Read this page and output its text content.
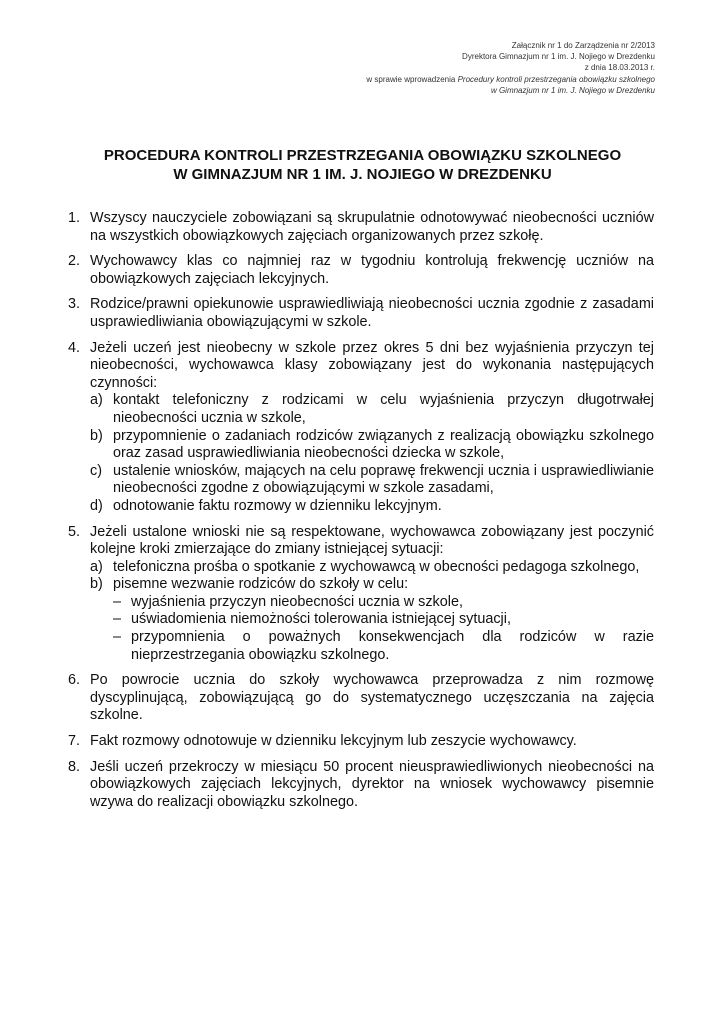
Załącznik nr 1 do Zarządzenia nr 2/2013
Dyrektora Gimnazjum nr 1 im. J. Nojiego w Drezdenku
z dnia 18.03.2013 r.
w sprawie wprowadzenia Procedury kontroli przestrzegania obowiązku szkolnego
w Gimnazjum nr 1 im. J. Nojiego w Drezdenku
PROCEDURA KONTROLI PRZESTRZEGANIA OBOWIĄZKU SZKOLNEGO
W GIMNAZJUM NR 1 IM. J. NOJIEGO W DREZDENKU
1. Wszyscy nauczyciele zobowiązani są skrupulatnie odnotowywać nieobecności uczniów na wszystkich obowiązkowych zajęciach organizowanych przez szkołę.
2. Wychowawcy klas co najmniej raz w tygodniu kontrolują frekwencję uczniów na obowiązkowych zajęciach lekcyjnych.
3. Rodzice/prawni opiekunowie usprawiedliwiają nieobecności ucznia zgodnie z zasadami usprawiedliwiania obowiązującymi w szkole.
4. Jeżeli uczeń jest nieobecny w szkole przez okres 5 dni bez wyjaśnienia przyczyn tej nieobecności, wychowawca klasy zobowiązany jest do wykonania następujących czynności:
a) kontakt telefoniczny z rodzicami w celu wyjaśnienia przyczyn długotrwałej nieobecności ucznia w szkole,
b) przypomnienie o zadaniach rodziców związanych z realizacją obowiązku szkolnego oraz zasad usprawiedliwiania nieobecności dziecka w szkole,
c) ustalenie wniosków, mających na celu poprawę frekwencji ucznia i usprawiedliwianie nieobecności zgodne z obowiązującymi w szkole zasadami,
d) odnotowanie faktu rozmowy w dzienniku lekcyjnym.
5. Jeżeli ustalone wnioski nie są respektowane, wychowawca zobowiązany jest poczynić kolejne kroki zmierzające do zmiany istniejącej sytuacji:
a) telefoniczna prośba o spotkanie z wychowawcą w obecności pedagoga szkolnego,
b) pisemne wezwanie rodziców do szkoły w celu:
– wyjaśnienia przyczyn nieobecności ucznia w szkole,
– uświadomienia niemożności tolerowania istniejącej sytuacji,
– przypomnienia o poważnych konsekwencjach dla rodziców w razie nieprzestrzegania obowiązku szkolnego.
6. Po powrocie ucznia do szkoły wychowawca przeprowadza z nim rozmowę dyscyplinującą, zobowiązującą go do systematycznego uczęszczania na zajęcia szkolne.
7. Fakt rozmowy odnotowuje w dzienniku lekcyjnym lub zeszycie wychowawcy.
8. Jeśli uczeń przekroczy w miesiącu 50 procent nieusprawiedliwionych nieobecności na obowiązkowych zajęciach lekcyjnych, dyrektor na wniosek wychowawcy pisemnie wzywa do realizacji obowiązku szkolnego.
